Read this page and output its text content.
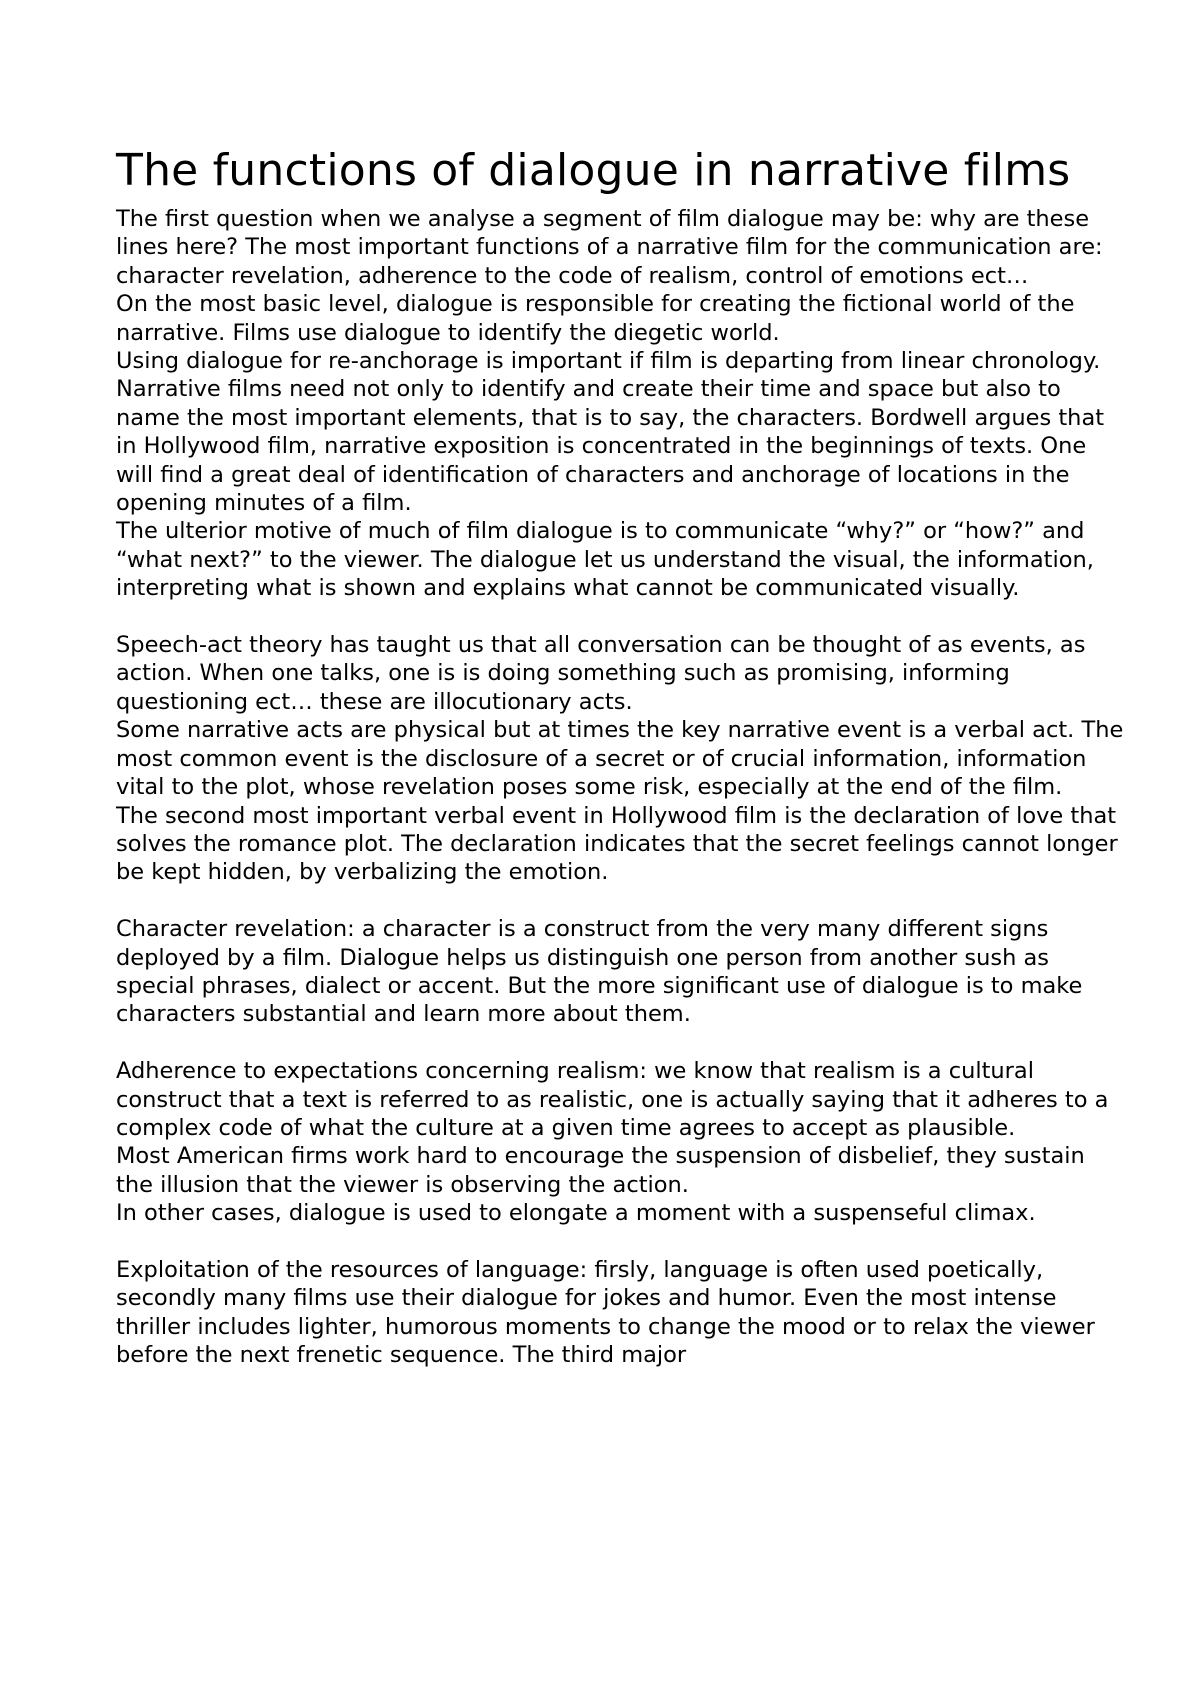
The functions of dialogue in narrative films

The first question when we analyse a segment of film dialogue may be: why are these lines here? The most important functions of a narrative film for the communication are: character revelation, adherence to the code of realism, control of emotions ect…

On the most basic level, dialogue is responsible for creating the fictional world of the narrative. Films use dialogue to identify the diegetic world.

Using dialogue for re-anchorage is important if film is departing from linear chronology.

Narrative films need not only to identify and create their time and space but also to name the most important elements, that is to say, the characters. Bordwell argues that in Hollywood film, narrative exposition is concentrated in the beginnings of texts. One will find a great deal of identification of characters and anchorage of locations in the opening minutes of a film.

The ulterior motive of much of film dialogue is to communicate “why?” or “how?” and “what next?” to the viewer. The dialogue let us understand the visual, the information, interpreting what is shown and explains what cannot be communicated visually.

Speech-act theory has taught us that all conversation can be thought of as events, as action. When one talks, one is is doing something such as promising, informing questioning ect… these are illocutionary acts.

Some narrative acts are physical but at times the key narrative event is a verbal act. The most common event is the disclosure of a secret or of crucial information, information vital to the plot, whose revelation poses some risk, especially at the end of the film.

The second most important verbal event in Hollywood film is the declaration of love that solves the romance plot. The declaration indicates that the secret feelings cannot longer be kept hidden, by verbalizing the emotion.

Character revelation: a character is a construct from the very many different signs deployed by a film. Dialogue helps us distinguish one person from another sush as special phrases, dialect or accent. But the more significant use of dialogue is to make characters substantial and learn more about them.

Adherence to expectations concerning realism: we know that realism is a cultural construct that a text is referred to as realistic, one is actually saying that it adheres to a complex code of what the culture at a given time agrees to accept as plausible.

Most American firms work hard to encourage the suspension of disbelief, they sustain the illusion that the viewer is observing the action.

In other cases, dialogue is used to elongate a moment with a suspenseful climax.

Exploitation of the resources of language: firsly, language is often used poetically, secondly many films use their dialogue for jokes and humor. Even the most intense thriller includes lighter, humorous moments to change the mood or to relax the viewer before the next frenetic sequence. The third major
